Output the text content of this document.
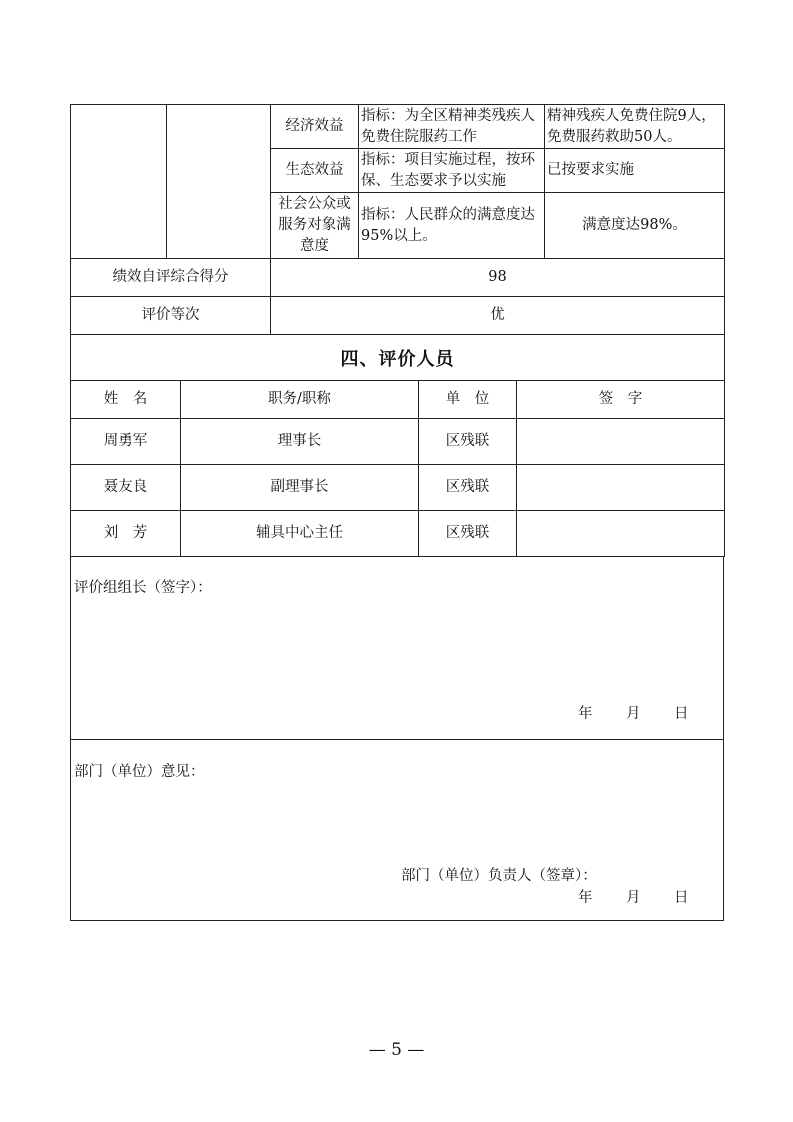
		经济效益	指标：为全区精神类残疾人免费住院服药工作	精神残疾人免费住院9人，免费服药救助50人。
		生态效益	指标：项目实施过程，按环保、生态要求予以实施	已按要求实施
		社会公众或服务对象满意度	指标：人民群众的满意度达95%以上。	满意度达98%。
绩效自评综合得分		98		
评价等次		优		
四、评价人员			
姓　名	职务/职称	单　位	签　字
周勇军	理事长	区残联	
聂友良	副理事长	区残联	
刘　芳	辅具中心主任	区残联	
评价组组长（签字）：
年 月 日
部门（单位）意见：
部门（单位）负责人（签章）：
年 月 日
— 5 —
